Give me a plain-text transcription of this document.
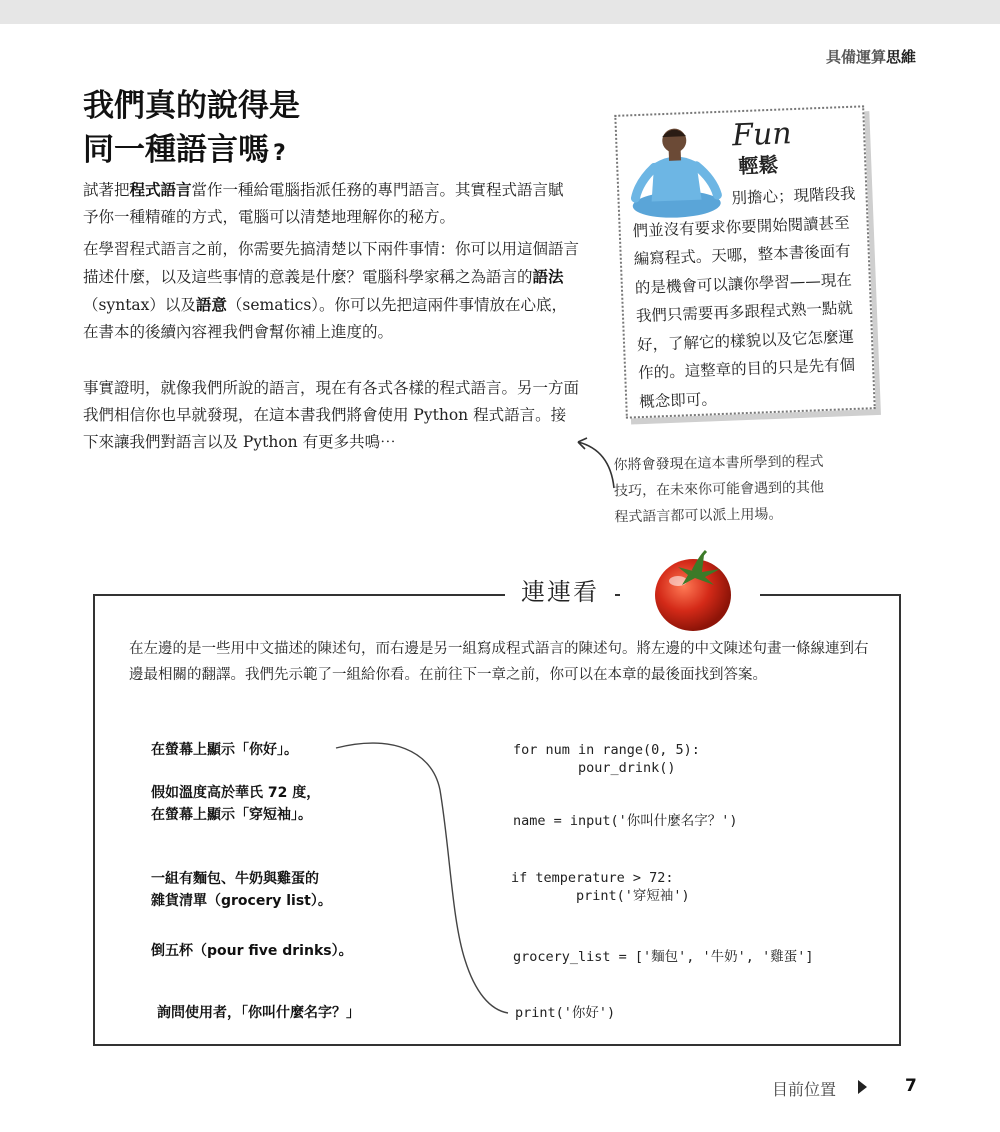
具備運算思維
我們真的說得是
同一種語言嗎 ?

試著把程式語言當作一種給電腦指派任務的專門語言。其實程式語言賦予你一種精確的方式，電腦可以清楚地理解你的秘方。

在學習程式語言之前，你需要先搞清楚以下兩件事情：你可以用這個語言描述什麼，以及這些事情的意義是什麼？電腦科學家稱之為語言的語法（syntax）以及語意（sematics）。你可以先把這兩件事情放在心底，在書本的後續內容裡我們會幫你補上進度的。

事實證明，就像我們所說的語言，現在有各式各樣的程式語言。另一方面我們相信你也早就發現，在這本書我們將會使用 Python 程式語言。接下來讓我們對語言以及 Python 有更多共鳴⋯

Fun
輕鬆
別擔心；現階段我們並沒有要求你要開始閱讀甚至編寫程式。天哪，整本書後面有的是機會可以讓你學習——現在我們只需要再多跟程式熟一點就好，了解它的樣貌以及它怎麼運作的。這整章的目的只是先有個概念即可。
你將會發現在這本書所學到的程式
技巧，在未來你可能會遇到的其他
程式語言都可以派上用場。
連連看
在左邊的是一些用中文描述的陳述句，而右邊是另一組寫成程式語言的陳述句。將左邊的中文陳述句畫一條線連到右邊最相關的翻譯。我們先示範了一組給你看。在前往下一章之前，你可以在本章的最後面找到答案。
在螢幕上顯示「你好」。
假如溫度高於華氏 72 度，
在螢幕上顯示「穿短袖」。
一組有麵包、牛奶與雞蛋的
雜貨清單（grocery list）。
倒五杯（pour five drinks）。
詢問使用者，「你叫什麼名字？」
for num in range(0, 5):
pour_drink()
name = input('你叫什麼名字？')
if temperature > 72:
print('穿短袖')
grocery_list = ['麵包', '牛奶', '雞蛋']
print('你好')
目前位置	7
